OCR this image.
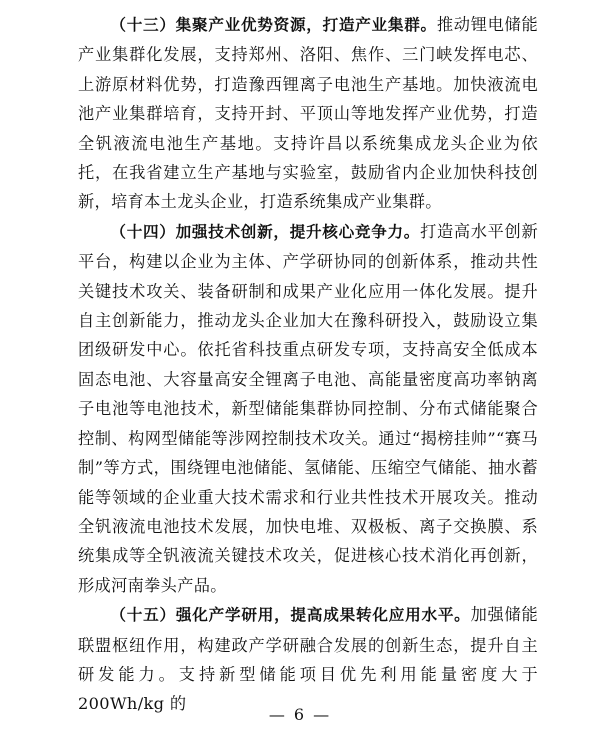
（十三）集聚产业优势资源，打造产业集群。推动锂电储能产业集群化发展，支持郑州、洛阳、焦作、三门峡发挥电芯、上游原材料优势，打造豫西锂离子电池生产基地。加快液流电池产业集群培育，支持开封、平顶山等地发挥产业优势，打造全钒液流电池生产基地。支持许昌以系统集成龙头企业为依托，在我省建立生产基地与实验室，鼓励省内企业加快科技创新，培育本土龙头企业，打造系统集成产业集群。

（十四）加强技术创新，提升核心竞争力。打造高水平创新平台，构建以企业为主体、产学研协同的创新体系，推动共性关键技术攻关、装备研制和成果产业化应用一体化发展。提升自主创新能力，推动龙头企业加大在豫科研投入，鼓励设立集团级研发中心。依托省科技重点研发专项，支持高安全低成本固态电池、大容量高安全锂离子电池、高能量密度高功率钠离子电池等电池技术，新型储能集群协同控制、分布式储能聚合控制、构网型储能等涉网控制技术攻关。通过“揭榜挂帅”“赛马制”等方式，围绕锂电池储能、氢储能、压缩空气储能、抽水蓄能等领域的企业重大技术需求和行业共性技术开展攻关。推动全钒液流电池技术发展，加快电堆、双极板、离子交换膜、系统集成等全钒液流关键技术攻关，促进核心技术消化再创新，形成河南拳头产品。

（十五）强化产学研用，提高成果转化应用水平。加强储能联盟枢纽作用，构建政产学研融合发展的创新生态，提升自主研发能力。支持新型储能项目优先利用能量密度大于200Wh/kg 的

— 6 —
